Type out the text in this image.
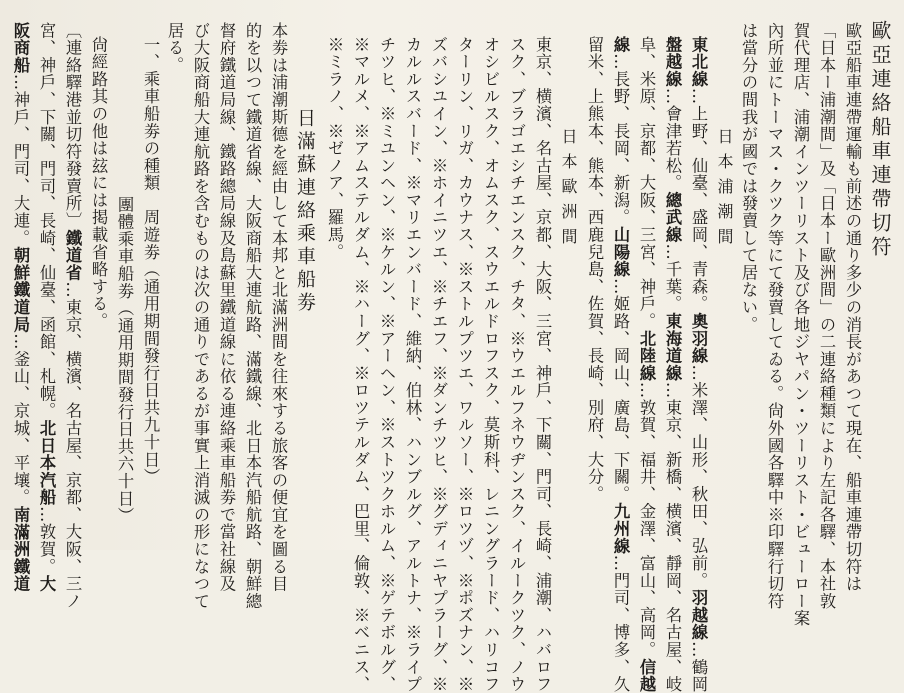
歐亞連絡船車連帶切符
歐亞船車連帶運輸も前述の通り多少の消長があつて現在、船車連帶切符は
「日本ー浦潮間」及「日本ー歐洲間」の二連絡種類により左記各驛、本社敦
賀代理店、浦潮インツーリスト及び各地ジヤパン・ツーリスト・ビューロー案
內所並にトーマス・クツク等にて發賣してゐる。尙外國各驛中※印驛行切符
は當分の間我が國では發賣して居ない。
日本浦潮間
東北線…上野、仙臺、盛岡、青森。奧羽線…米澤、山形、秋田、弘前。羽越線…鶴岡
盤越線…會津若松。總武線…千葉。東海道線…東京、新橋、横濱、靜岡、名古屋、岐
阜、米原、京都、大阪、三宮、神戶。北陸線…敦賀、福井、金澤、富山、高岡。信越
線…長野、長岡、新潟。山陽線…姬路、岡山、廣島、下關。九州線…門司、博多、久
留米、上熊本、熊本、西鹿兒島、佐賀、長崎、別府、大分。
日本歐洲間
東京、横濱、名古屋、京都、大阪、三宮、神戶、下關、門司、長崎、浦潮、ハバロフ
スク、ブラゴエシチエンスク、チタ、※ウエルフネウヂンスク、イルークツク、ノウ
オシビルスク、オムスク、スウエルドロフスク、莫斯科、レニングラード、ハリコフ
ターリン、リガ、カウナス、※ストルプツエ、ワルソー、※ロツヅ、※ポズナン、※
ズバシユイン、※ホイニツエ、※チエフ、※ダンチツヒ、※グディニヤプラーグ、※
カルルスバード、※マリエンバード、維納、伯林、ハンブルグ、アルトナ、※ライプ
チツヒ、※ミユンヘン、※ケルン、※アーヘン、※ストツクホルム、※ゲテボルグ、
※マルメ、※アムステルダム、※ハーグ、※ロツテルダム、巴里、倫敦、※ベニス、
※ミラノ、※ゼノア、羅馬。
日滿蘇連絡乘車船劵
本劵は浦潮斯德を經由して本邦と北滿洲間を往來する旅客の便宜を圖る目
的を以つて鐵道省線、大阪商船大連航路、滿鐵線、北日本汽船航路、朝鮮總
督府鐵道局線、鐵路總局線及島蘇里鐵道線に依る連絡乘車船劵で當社線及
び大阪商船大連航路を含むものは次の通りであるが事實上消滅の形になつて
居る。
一、乘車船劵の種類　周遊劵（通用期間發行日共九十日）
團體乘車船劵（通用期間發行日共六十日）
尙經路其の他は玆には掲載省略する。
〔連絡驛港並切符發賣所〕鐵道省…東京、横濱、名古屋、京都、大阪、三ノ
宮、神戶、下關、門司、長崎、仙臺、函館、札幌。北日本汽船…敦賀。大
阪商船…神戶、門司、大連。朝鮮鐵道局…釜山、京城、平壤。南滿洲鐵道
